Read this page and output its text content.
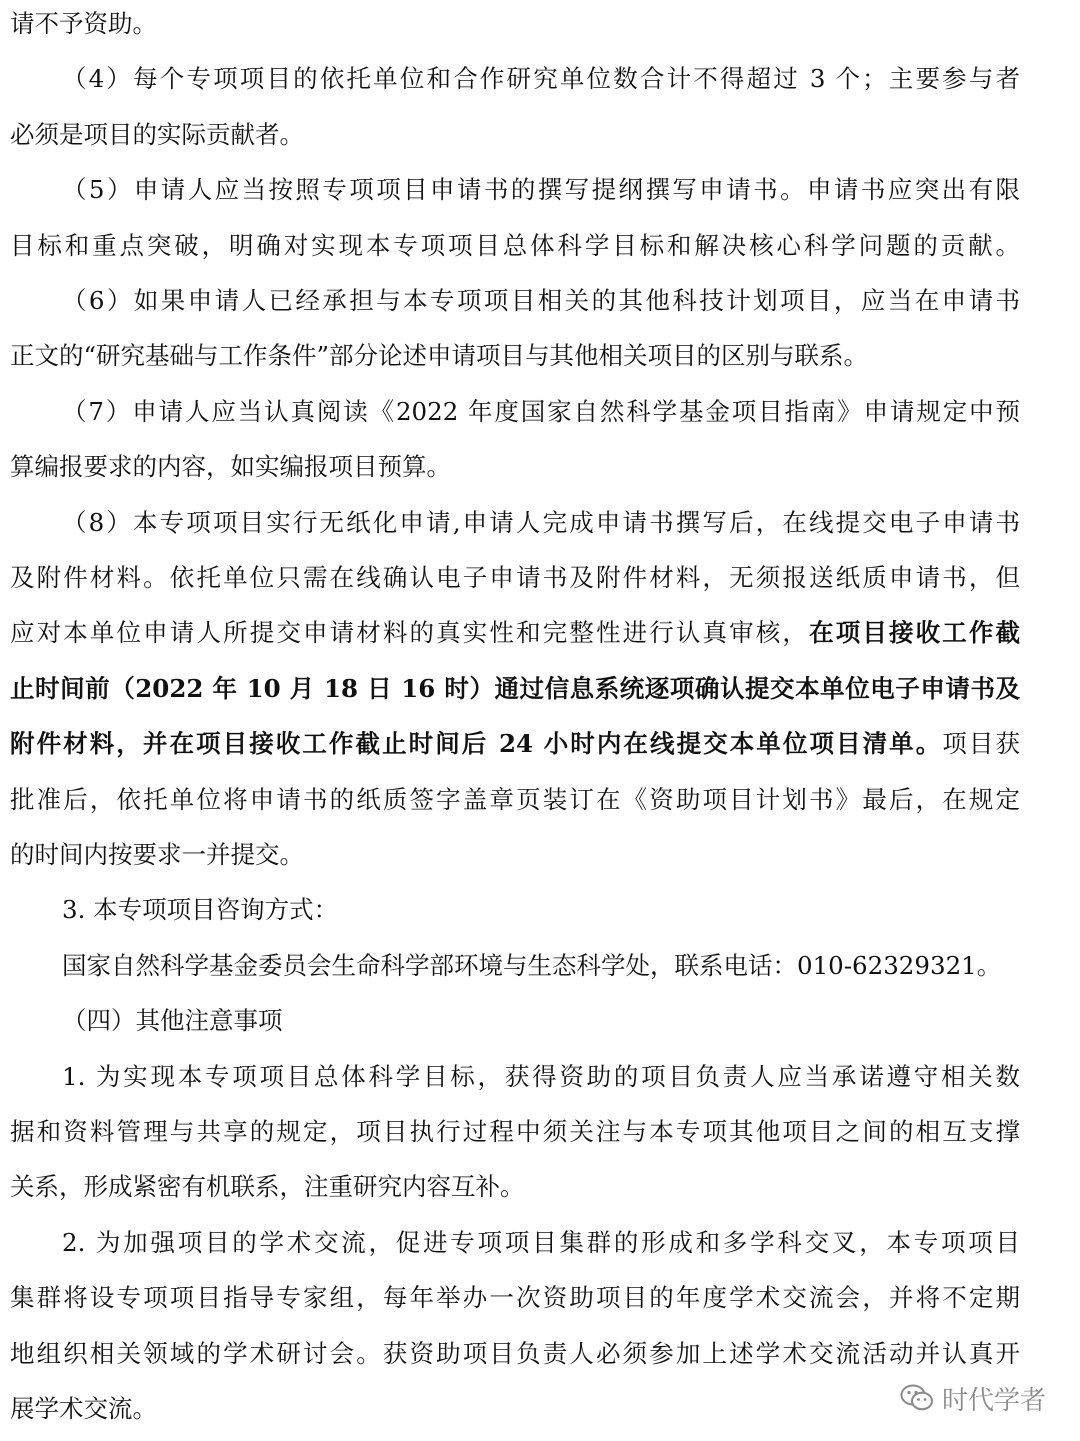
请不予资助。
（4）每个专项项目的依托单位和合作研究单位数合计不得超过 3 个；主要参与者
必须是项目的实际贡献者。
（5）申请人应当按照专项项目申请书的撰写提纲撰写申请书。申请书应突出有限
目标和重点突破，明确对实现本专项项目总体科学目标和解决核心科学问题的贡献。
（6）如果申请人已经承担与本专项项目相关的其他科技计划项目，应当在申请书
正文的“研究基础与工作条件”部分论述申请项目与其他相关项目的区别与联系。
（7）申请人应当认真阅读《2022 年度国家自然科学基金项目指南》申请规定中预
算编报要求的内容，如实编报项目预算。
（8）本专项项目实行无纸化申请,申请人完成申请书撰写后，在线提交电子申请书
及附件材料。依托单位只需在线确认电子申请书及附件材料，无须报送纸质申请书，但
应对本单位申请人所提交申请材料的真实性和完整性进行认真审核，在项目接收工作截
止时间前（2022 年 10 月 18 日 16 时）通过信息系统逐项确认提交本单位电子申请书及
附件材料，并在项目接收工作截止时间后 24 小时内在线提交本单位项目清单。项目获
批准后，依托单位将申请书的纸质签字盖章页装订在《资助项目计划书》最后，在规定
的时间内按要求一并提交。
3. 本专项项目咨询方式：
国家自然科学基金委员会生命科学部环境与生态科学处，联系电话：010-62329321。
（四）其他注意事项
1. 为实现本专项项目总体科学目标，获得资助的项目负责人应当承诺遵守相关数
据和资料管理与共享的规定，项目执行过程中须关注与本专项其他项目之间的相互支撑
关系，形成紧密有机联系，注重研究内容互补。
2. 为加强项目的学术交流，促进专项项目集群的形成和多学科交叉，本专项项目
集群将设专项项目指导专家组，每年举办一次资助项目的年度学术交流会，并将不定期
地组织相关领域的学术研讨会。获资助项目负责人必须参加上述学术交流活动并认真开
展学术交流。	时代学者
